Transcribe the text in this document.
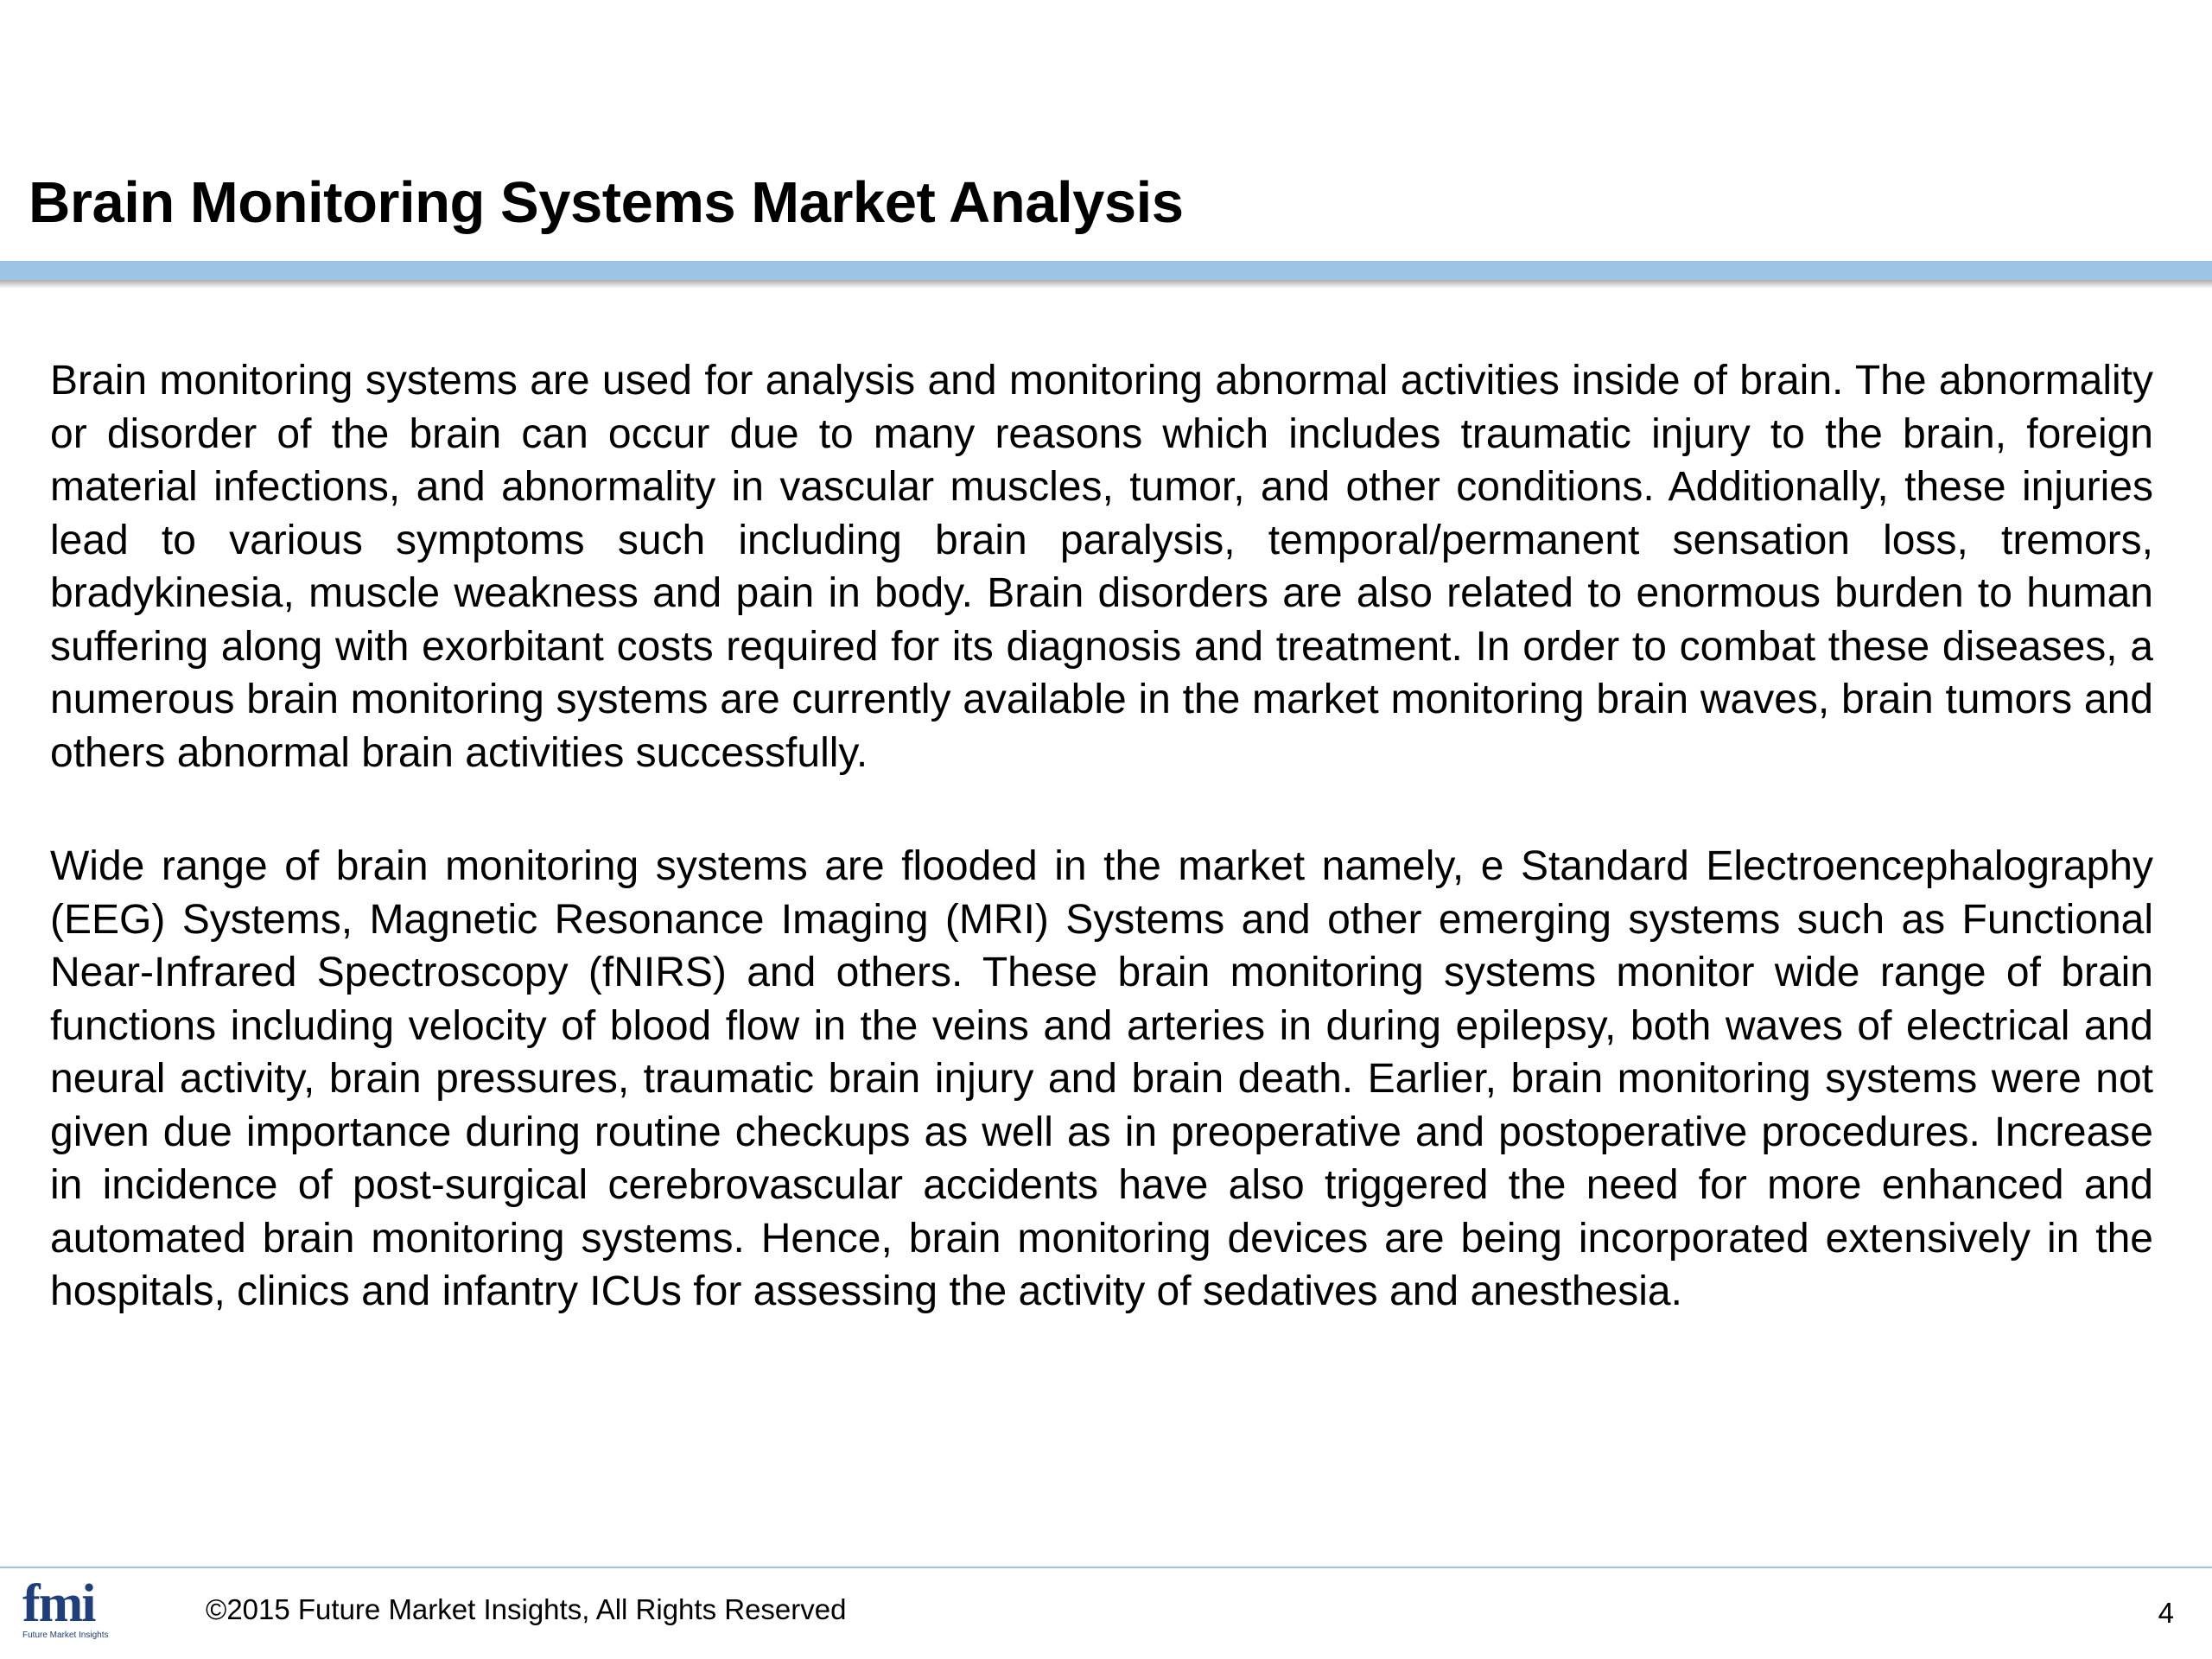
Brain Monitoring Systems Market Analysis

Brain monitoring systems are used for analysis and monitoring abnormal activities inside of brain. The abnormality or disorder of the brain can occur due to many reasons which includes traumatic injury to the brain, foreign material infections, and abnormality in vascular muscles, tumor, and other conditions. Additionally, these injuries lead to various symptoms such including brain paralysis, temporal/permanent sensation loss, tremors, bradykinesia, muscle weakness and pain in body. Brain disorders are also related to enormous burden to human suffering along with exorbitant costs required for its diagnosis and treatment. In order to combat these diseases, a numerous brain monitoring systems are currently available in the market monitoring brain waves, brain tumors and others abnormal brain activities successfully.

Wide range of brain monitoring systems are flooded in the market namely, e Standard Electroencephalography (EEG) Systems, Magnetic Resonance Imaging (MRI) Systems and other emerging systems such as Functional Near-Infrared Spectroscopy (fNIRS) and others. These brain monitoring systems monitor wide range of brain functions including velocity of blood flow in the veins and arteries in during epilepsy, both waves of electrical and neural activity, brain pressures, traumatic brain injury and brain death. Earlier, brain monitoring systems were not given due importance during routine checkups as well as in preoperative and postoperative procedures. Increase in incidence of post-surgical cerebrovascular accidents have also triggered the need for more enhanced and automated brain monitoring systems. Hence, brain monitoring devices are being incorporated extensively in the hospitals, clinics and infantry ICUs for assessing the activity of sedatives and anesthesia.

fmi
Future Market Insights
©2015 Future Market Insights, All Rights Reserved	4
